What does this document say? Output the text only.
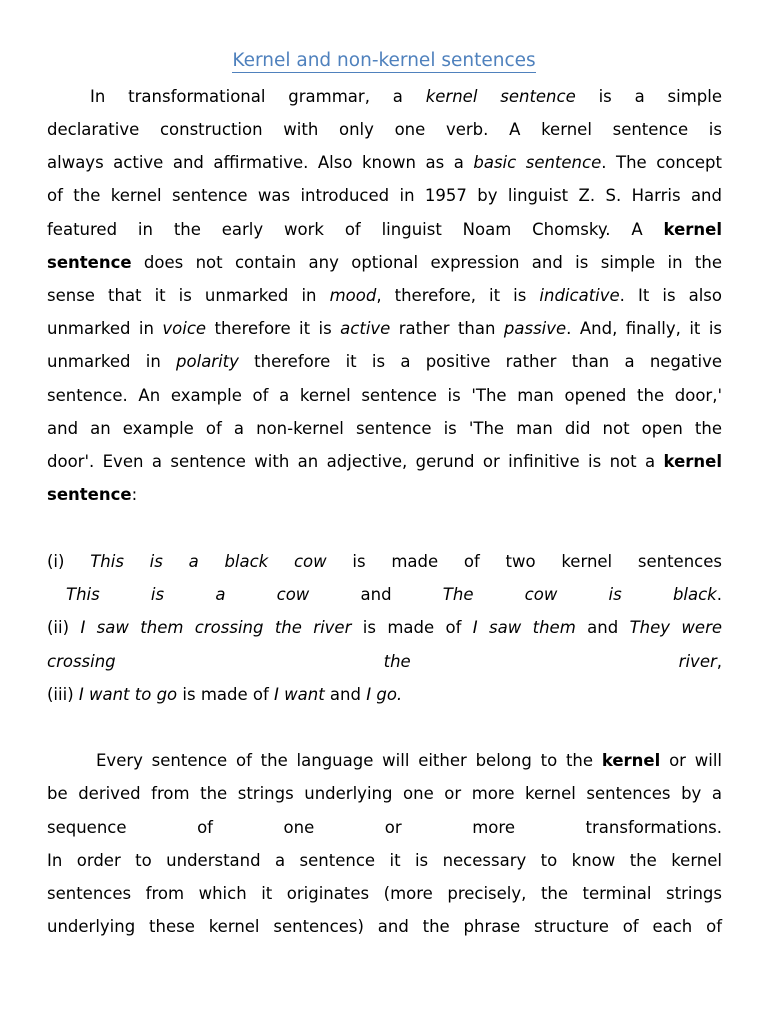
Kernel and non-kernel sentences
In transformational grammar, a kernel sentence is a simple
declarative construction with only one verb. A kernel sentence is
always active and affirmative. Also known as a basic sentence. The concept
of the kernel sentence was introduced in 1957 by linguist Z. S. Harris and
featured in the early work of linguist Noam Chomsky. A kernel
sentence does not contain any optional expression and is simple in the
sense that it is unmarked in mood, therefore, it is indicative. It is also
unmarked in voice therefore it is active rather than passive. And, finally, it is
unmarked in polarity therefore it is a positive rather than a negative
sentence. An example of a kernel sentence is 'The man opened the door,'
and an example of a non-kernel sentence is 'The man did not open the
door'. Even a sentence with an adjective, gerund or infinitive is not a kernel
sentence:
(i) This is a black cow is made of two kernel sentences
This is a cow and The cow is black.
(ii) I saw them crossing the river is made of I saw them and They were
crossing the river,
(iii) I want to go is made of I want and I go.
Every sentence of the language will either belong to the kernel or will
be derived from the strings underlying one or more kernel sentences by a
sequence of one or more transformations.
In order to understand a sentence it is necessary to know the kernel
sentences from which it originates (more precisely, the terminal strings
underlying these kernel sentences) and the phrase structure of each of
